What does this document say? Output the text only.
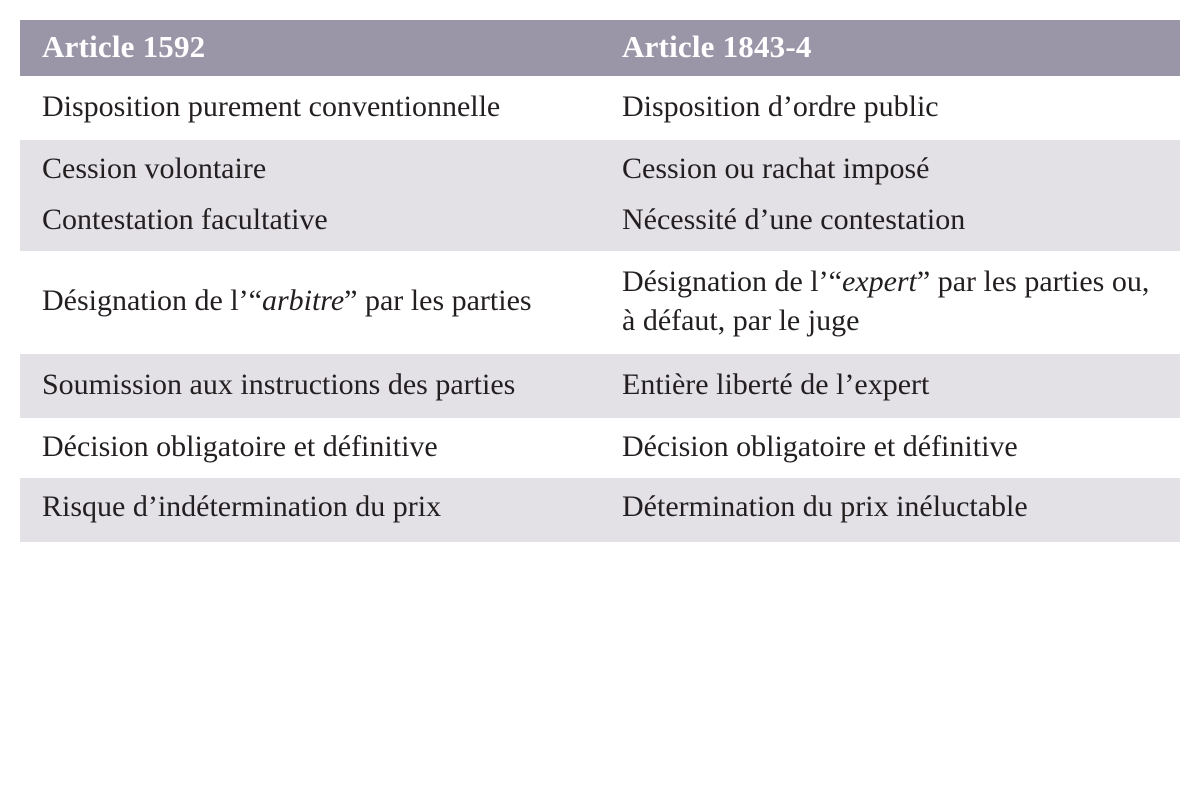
Article 1592	Article 1843-4
Disposition purement conventionnelle	Disposition d’ordre public
Cession volontaire	Cession ou rachat imposé
Contestation facultative	Nécessité d’une contestation
Désignation de l’“arbitre” par les parties	Désignation de l’“expert” par les parties ou, à défaut, par le juge
Soumission aux instructions des parties	Entière liberté de l’expert
Décision obligatoire et définitive	Décision obligatoire et définitive
Risque d’indétermination du prix	Détermination du prix inéluctable
